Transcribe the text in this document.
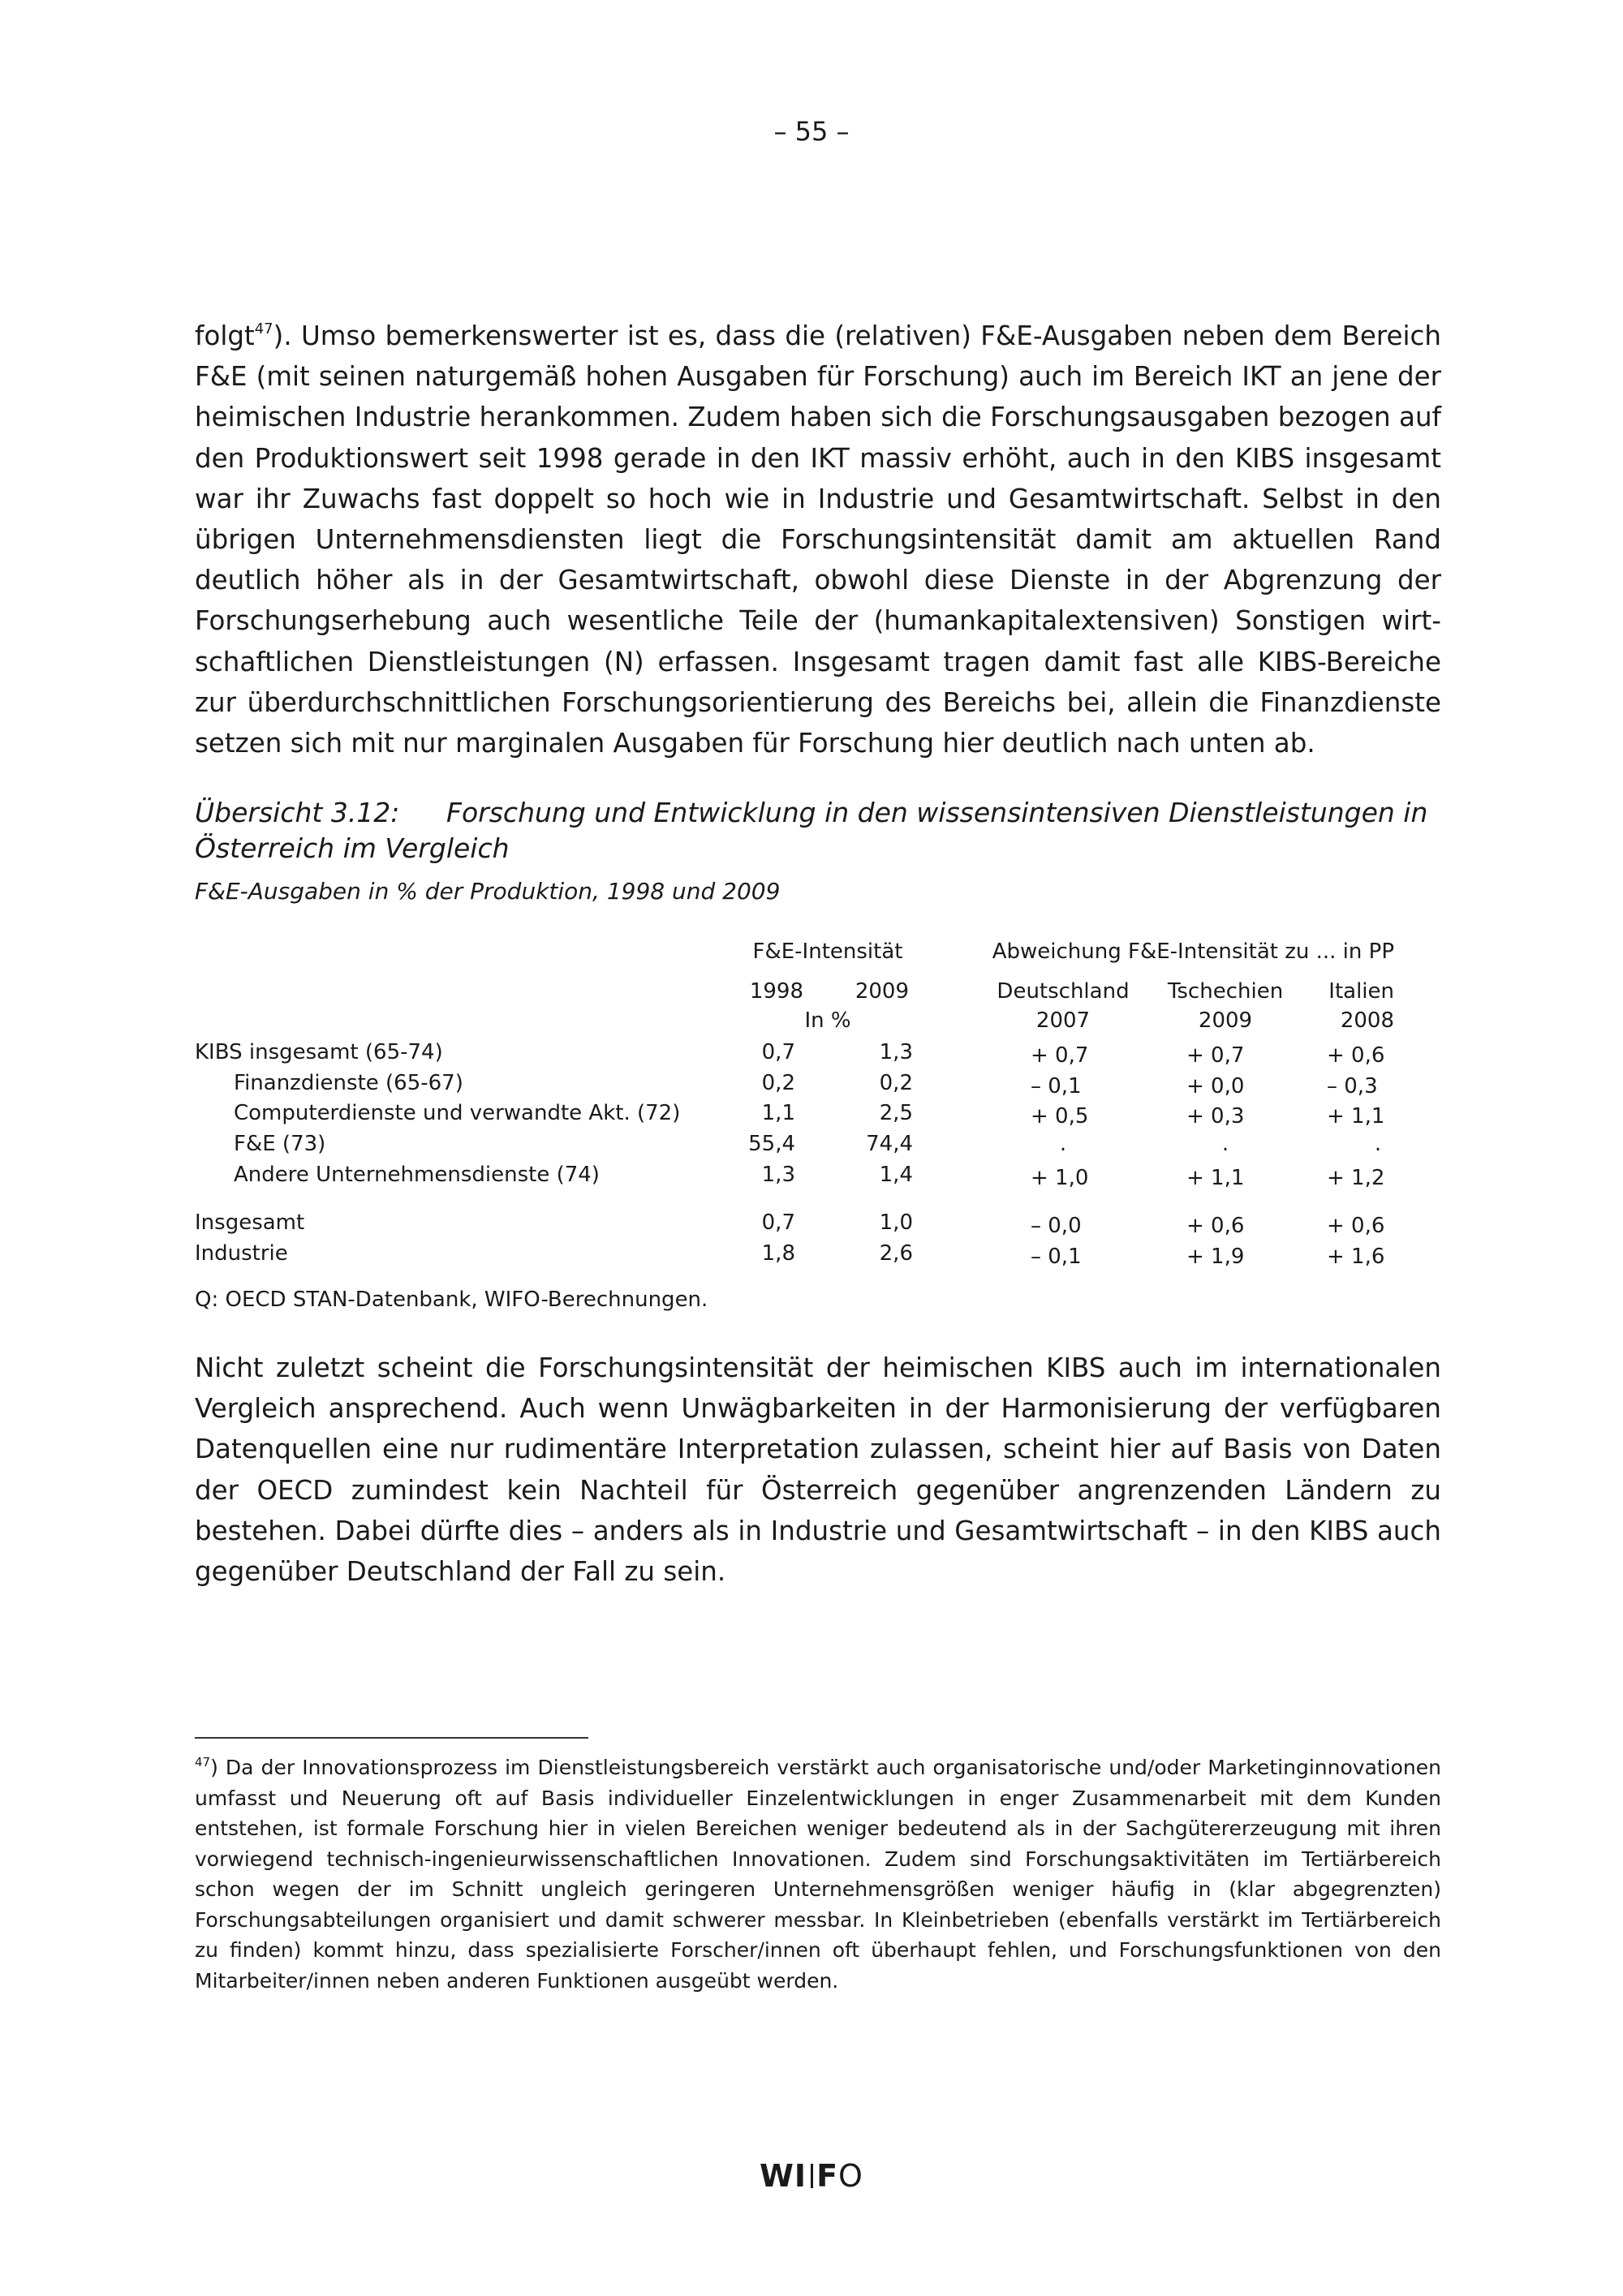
– 55 –
folgt$^{47}$). Umso bemerkenswerter ist es, dass die (relativen) F&E-Ausgaben neben dem Bereich F&E (mit seinen naturgemäß hohen Ausgaben für Forschung) auch im Bereich IKT an jene der heimischen Industrie herankommen. Zudem haben sich die Forschungsausgaben bezogen auf den Produktionswert seit 1998 gerade in den IKT massiv erhöht, auch in den KIBS insgesamt war ihr Zuwachs fast doppelt so hoch wie in Industrie und Gesamtwirtschaft. Selbst in den übrigen Unternehmensdiensten liegt die Forschungsintensität damit am aktuellen Rand deutlich höher als in der Gesamtwirtschaft, obwohl diese Dienste in der Abgrenzung der Forschungserhebung auch wesentliche Teile der (humankapitalextensiven) Sonstigen wirtschaftlichen Dienstleistungen (N) erfassen. Insgesamt tragen damit fast alle KIBS-Bereiche zur überdurchschnittlichen Forschungsorientierung des Bereichs bei, allein die Finanzdienste setzen sich mit nur marginalen Ausgaben für Forschung hier deutlich nach unten ab.
Übersicht 3.12: Forschung und Entwicklung in den wissensintensiven Dienstleistungen in Österreich im Vergleich
F&E-Ausgaben in % der Produktion, 1998 und 2009
F&E-Intensität	Abweichung F&E-Intensität zu ... in PP
1998	2009
In %
Deutschland	Tschechien	Italien
2007	2009	2008
KIBS insgesamt (65-74)	0,7	1,3	+ 0,7	+ 0,7	+ 0,6
Finanzdienste (65-67)	0,2	0,2	– 0,1	+ 0,0	– 0,3
Computerdienste und verwandte Akt. (72)	1,1	2,5	+ 0,5	+ 0,3	+ 1,1
F&E (73)	55,4	74,4	.	.	.
Andere Unternehmensdienste (74)	1,3	1,4	+ 1,0	+ 1,1	+ 1,2
Insgesamt	0,7	1,0	– 0,0	+ 0,6	+ 0,6
Industrie	1,8	2,6	– 0,1	+ 1,9	+ 1,6
Q: OECD STAN-Datenbank, WIFO-Berechnungen.
Nicht zuletzt scheint die Forschungsintensität der heimischen KIBS auch im internationalen Vergleich ansprechend. Auch wenn Unwägbarkeiten in der Harmonisierung der verfügbaren Datenquellen eine nur rudimentäre Interpretation zulassen, scheint hier auf Basis von Daten der OECD zumindest kein Nachteil für Österreich gegenüber angrenzenden Ländern zu bestehen. Dabei dürfte dies – anders als in Industrie und Gesamtwirtschaft – in den KIBS auch gegenüber Deutschland der Fall zu sein.
$^{47}$) Da der Innovationsprozess im Dienstleistungsbereich verstärkt auch organisatorische und/oder Marketinginnovationen umfasst und Neuerung oft auf Basis individueller Einzelentwicklungen in enger Zusammenarbeit mit dem Kunden entstehen, ist formale Forschung hier in vielen Bereichen weniger bedeutend als in der Sachgütererzeugung mit ihren vorwiegend technisch-ingenieurwissenschaftlichen Innovationen. Zudem sind Forschungsaktivitäten im Tertiärbereich schon wegen der im Schnitt ungleich geringeren Unternehmensgrößen weniger häufig in (klar abgegrenzten) Forschungsabteilungen organisiert und damit schwerer messbar. In Kleinbetrieben (ebenfalls verstärkt im Tertiärbereich zu finden) kommt hinzu, dass spezialisierte Forscher/innen oft überhaupt fehlen, und Forschungsfunktionen von den Mitarbeiter/innen neben anderen Funktionen ausgeübt werden.
WI FO
